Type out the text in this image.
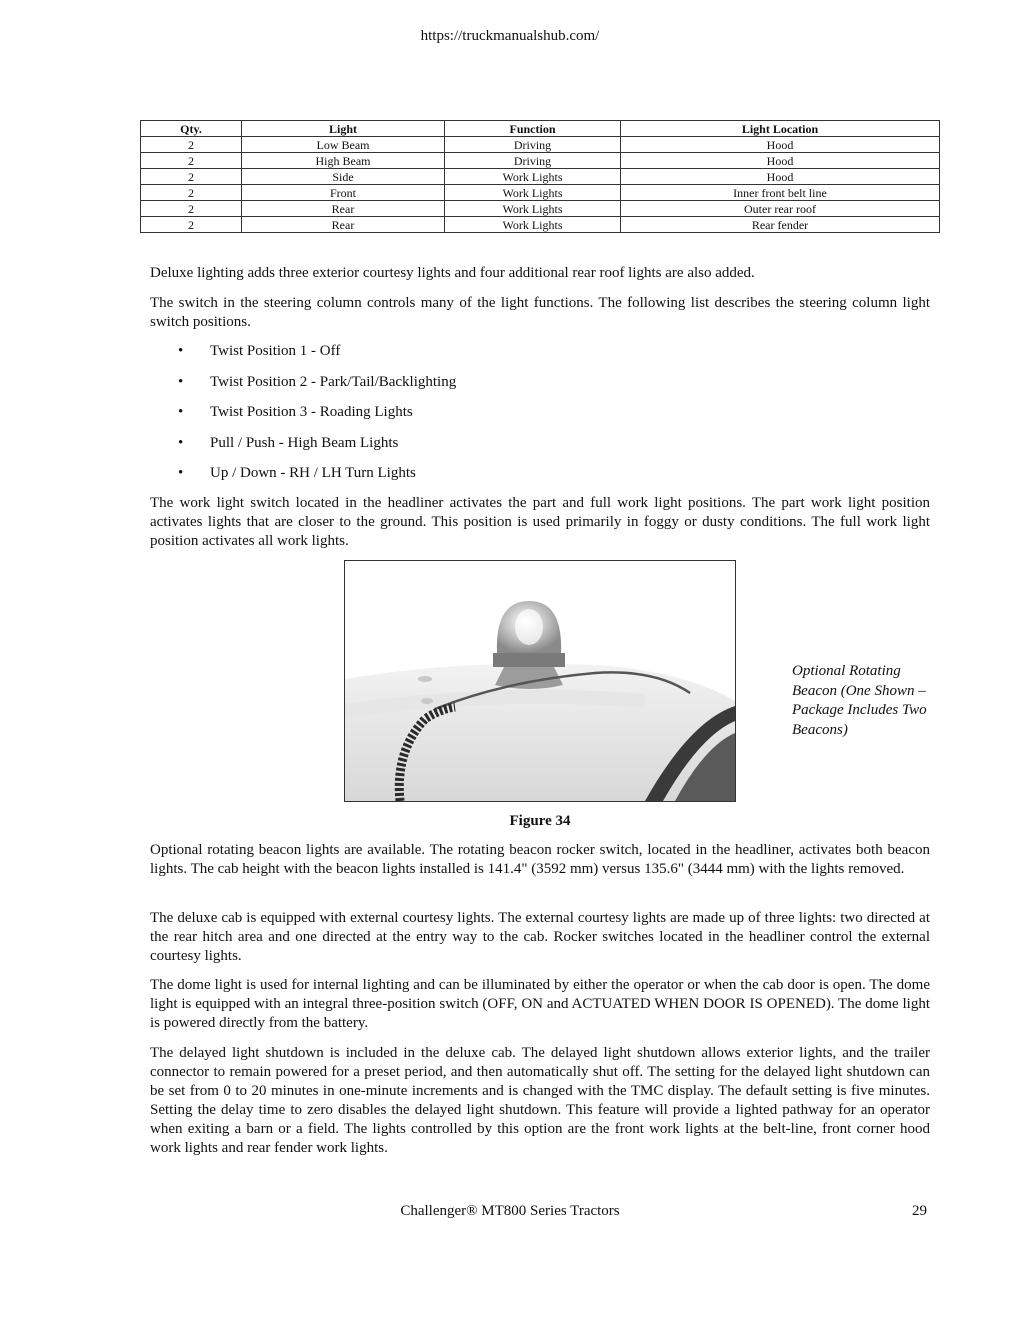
https://truckmanualshub.com/
Qty.	Light	Function	Light Location
2	Low Beam	Driving	Hood
2	High Beam	Driving	Hood
2	Side	Work Lights	Hood
2	Front	Work Lights	Inner front belt line
2	Rear	Work Lights	Outer rear roof
2	Rear	Work Lights	Rear fender

Deluxe lighting adds three exterior courtesy lights and four additional rear roof lights are also added.

The switch in the steering column controls many of the light functions. The following list describes the steering column light switch positions.

• Twist Position 1 - Off
• Twist Position 2 - Park/Tail/Backlighting
• Twist Position 3 - Roading Lights
• Pull / Push - High Beam Lights
• Up / Down - RH / LH Turn Lights

The work light switch located in the headliner activates the part and full work light positions. The part work light position activates lights that are closer to the ground. This position is used primarily in foggy or dusty conditions. The full work light position activates all work lights.

Optional Rotating Beacon (One Shown – Package Includes Two Beacons)
Figure 34

Optional rotating beacon lights are available. The rotating beacon rocker switch, located in the headliner, activates both beacon lights. The cab height with the beacon lights installed is 141.4" (3592 mm) versus 135.6" (3444 mm) with the lights removed.

The deluxe cab is equipped with external courtesy lights. The external courtesy lights are made up of three lights: two directed at the rear hitch area and one directed at the entry way to the cab. Rocker switches located in the headliner control the external courtesy lights.

The dome light is used for internal lighting and can be illuminated by either the operator or when the cab door is open. The dome light is equipped with an integral three-position switch (OFF, ON and ACTUATED WHEN DOOR IS OPENED). The dome light is powered directly from the battery.

The delayed light shutdown is included in the deluxe cab. The delayed light shutdown allows exterior lights, and the trailer connector to remain powered for a preset period, and then automatically shut off. The setting for the delayed light shutdown can be set from 0 to 20 minutes in one-minute increments and is changed with the TMC display. The default setting is five minutes. Setting the delay time to zero disables the delayed light shutdown. This feature will provide a lighted pathway for an operator when exiting a barn or a field. The lights controlled by this option are the front work lights at the belt-line, front corner hood work lights and rear fender work lights.

Challenger® MT800 Series Tractors	29
